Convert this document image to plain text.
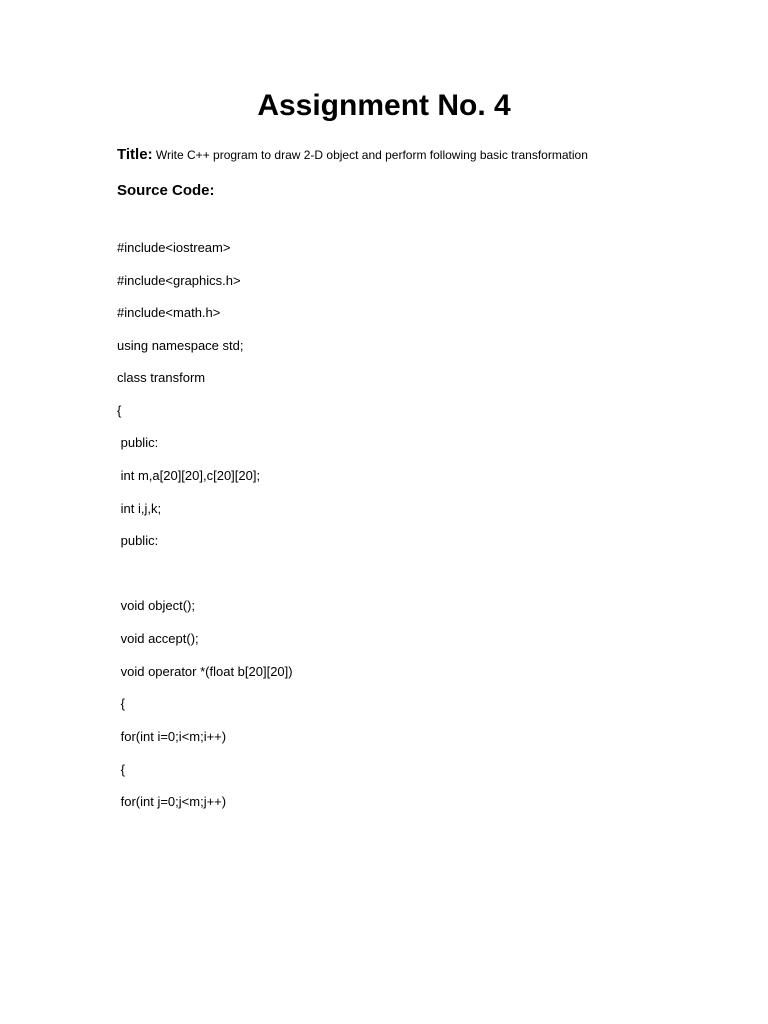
Assignment No. 4
Title: Write C++ program to draw 2-D object and perform following basic transformation
Source Code:
#include<iostream>
#include<graphics.h>
#include<math.h>
using namespace std;
class transform
{
public:
int m,a[20][20],c[20][20];
int i,j,k;
public:
void object();
void accept();
void operator *(float b[20][20])
{
for(int i=0;i<m;i++)
{
for(int j=0;j<m;j++)
